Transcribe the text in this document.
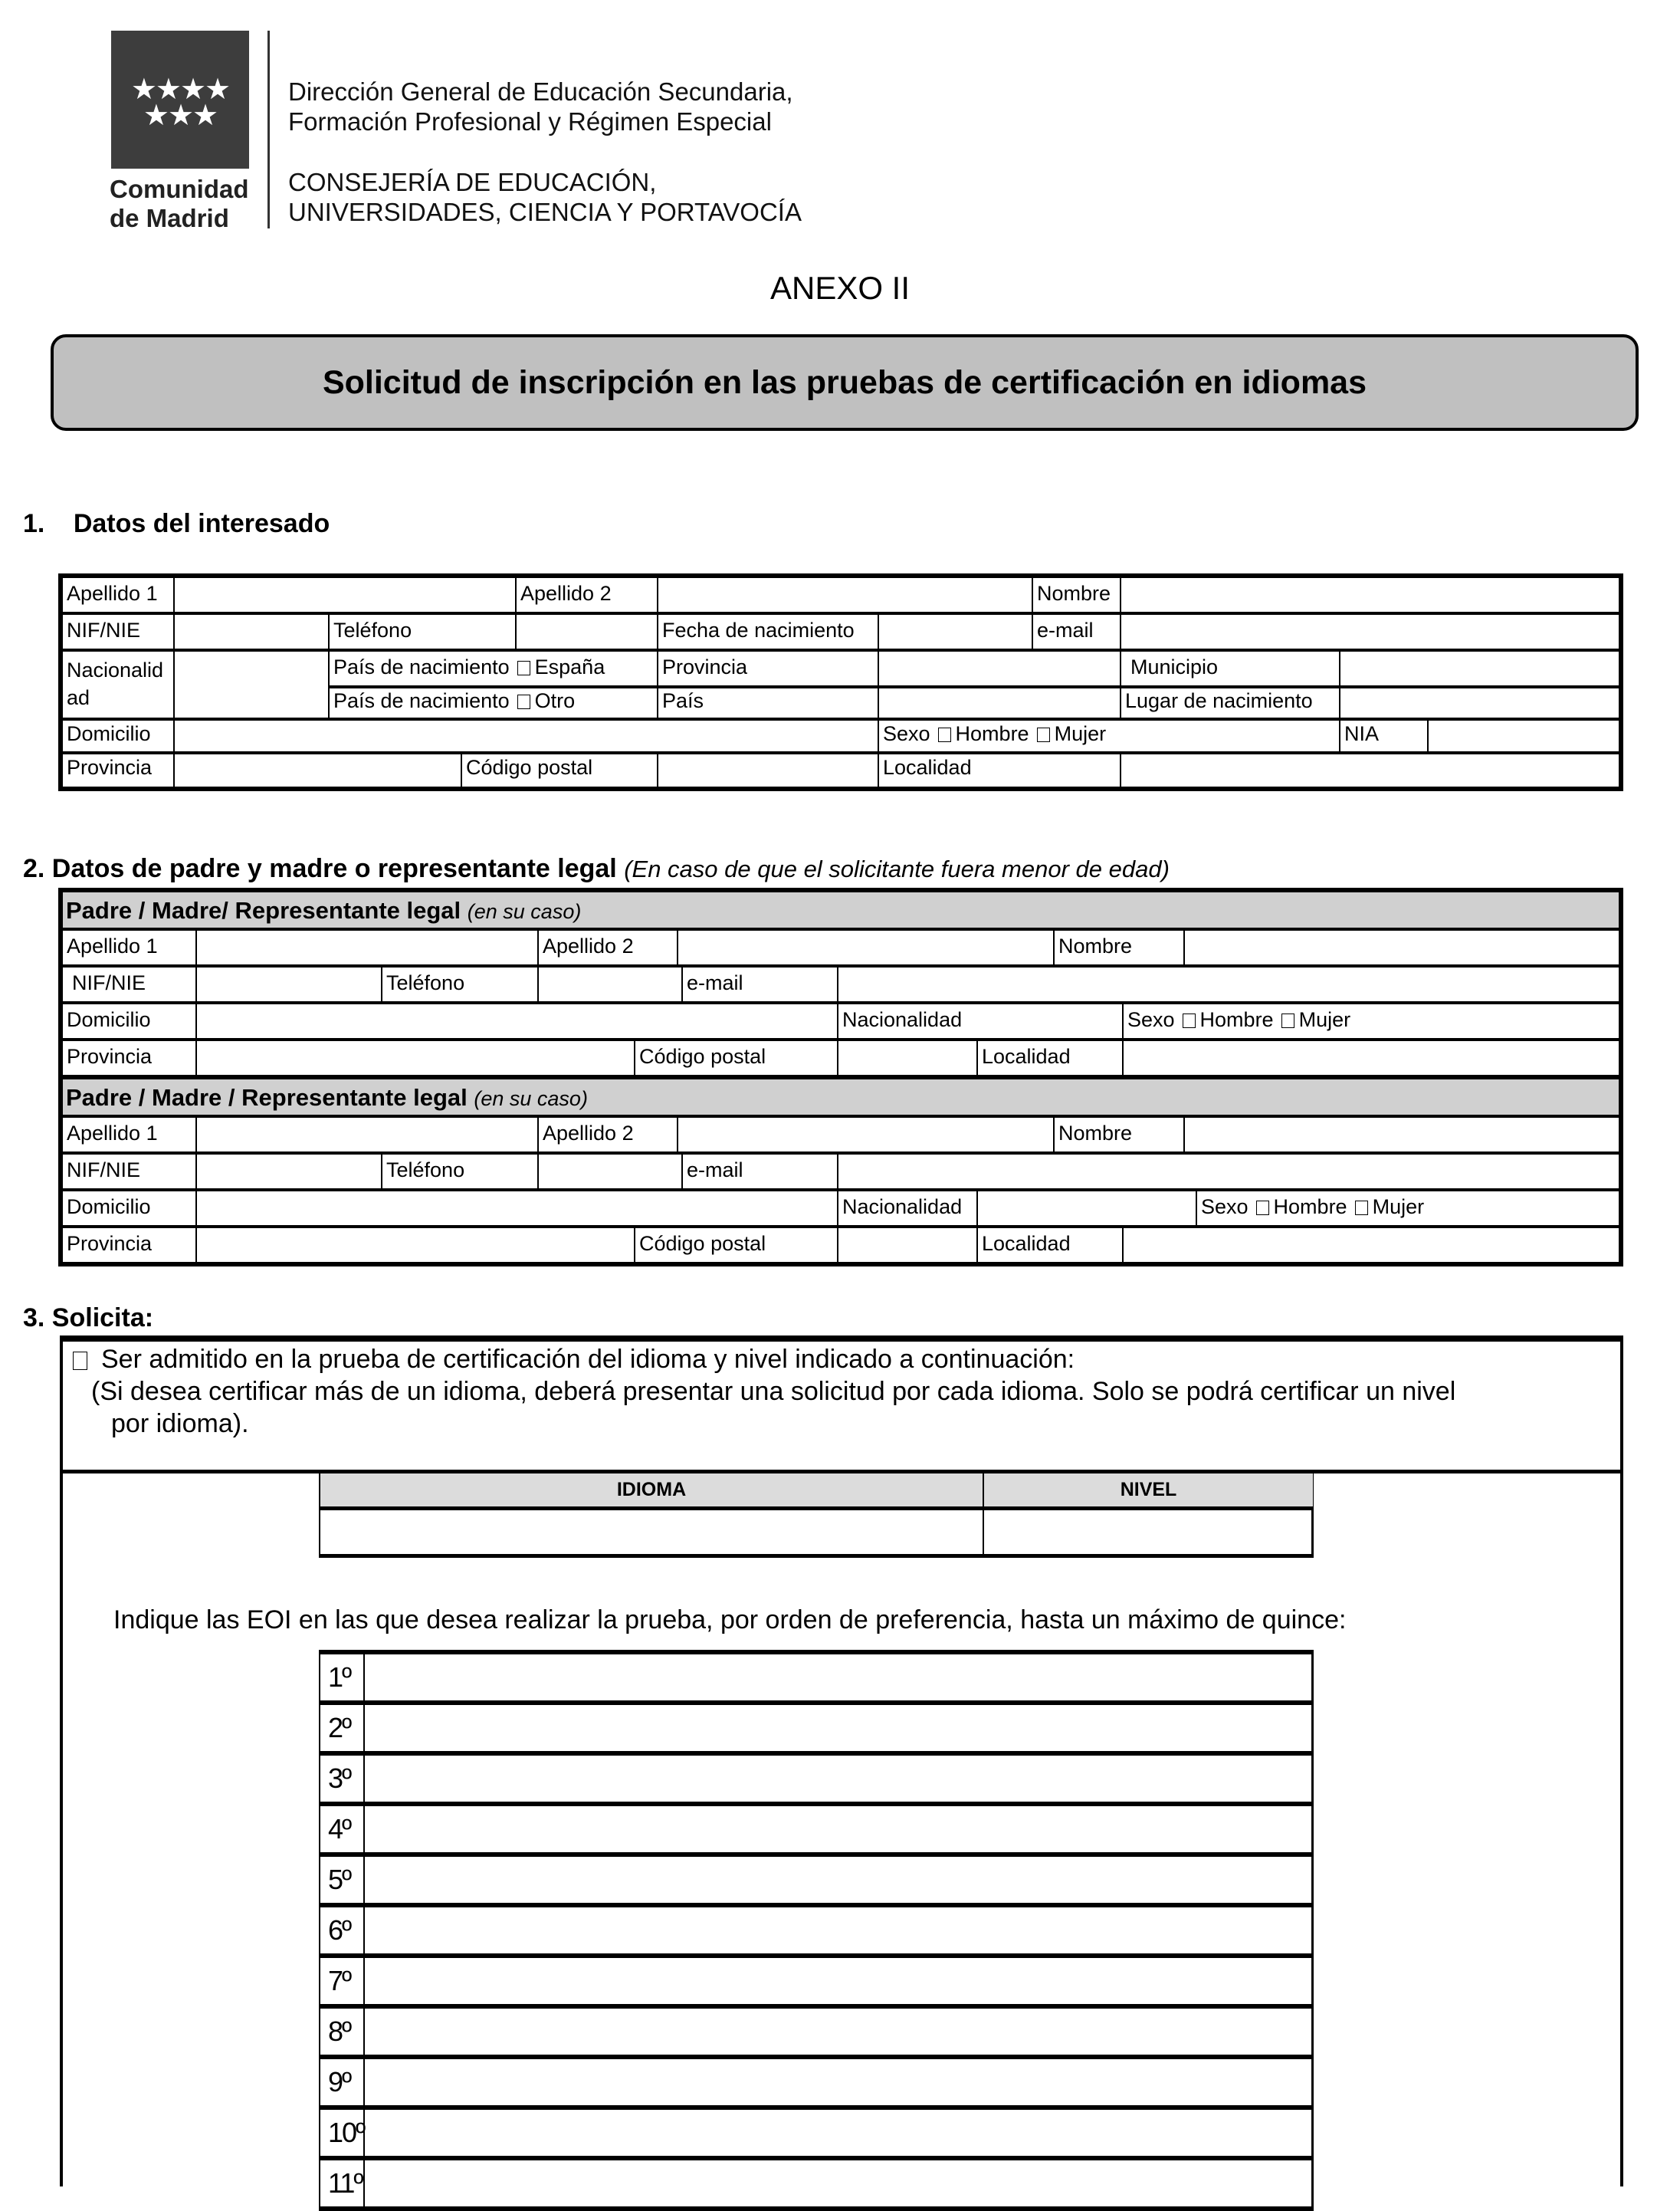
★★★★
★★★
Comunidad
de Madrid
Dirección General de Educación Secundaria,
Formación Profesional y Régimen Especial
CONSEJERÍA DE EDUCACIÓN,
UNIVERSIDADES, CIENCIA Y PORTAVOCÍA
ANEXO II
Solicitud de inscripción en las pruebas de certificación en idiomas
1. Datos del interesado
Apellido 1	Apellido 2	Nombre
NIF/NIE	Teléfono	Fecha de nacimiento	e-mail
Nacionalidad
País de nacimiento España	Provincia	Municipio
País de nacimiento Otro	País	Lugar de nacimiento
Domicilio	Sexo Hombre Mujer	NIA
Provincia	Código postal	Localidad
2. Datos de padre y madre o representante legal (En caso de que el solicitante fuera menor de edad)
Padre / Madre/ Representante legal (en su caso)
Apellido 1	Apellido 2	Nombre
NIF/NIE	Teléfono	e-mail
Domicilio	Nacionalidad	Sexo Hombre Mujer
Provincia	Código postal	Localidad
Padre / Madre / Representante legal (en su caso)
Apellido 1	Apellido 2	Nombre
NIF/NIE	Teléfono	e-mail
Domicilio	Nacionalidad	Sexo Hombre Mujer
Provincia	Código postal	Localidad
3. Solicita:
Ser admitido en la prueba de certificación del idioma y nivel indicado a continuación:
(Si desea certificar más de un idioma, deberá presentar una solicitud por cada idioma. Solo se podrá certificar un nivel
por idioma).
IDIOMA	NIVEL
Indique las EOI en las que desea realizar la prueba, por orden de preferencia, hasta un máximo de quince:
1º
2º
3º
4º
5º
6º
7º
8º
9º
10º
11º
